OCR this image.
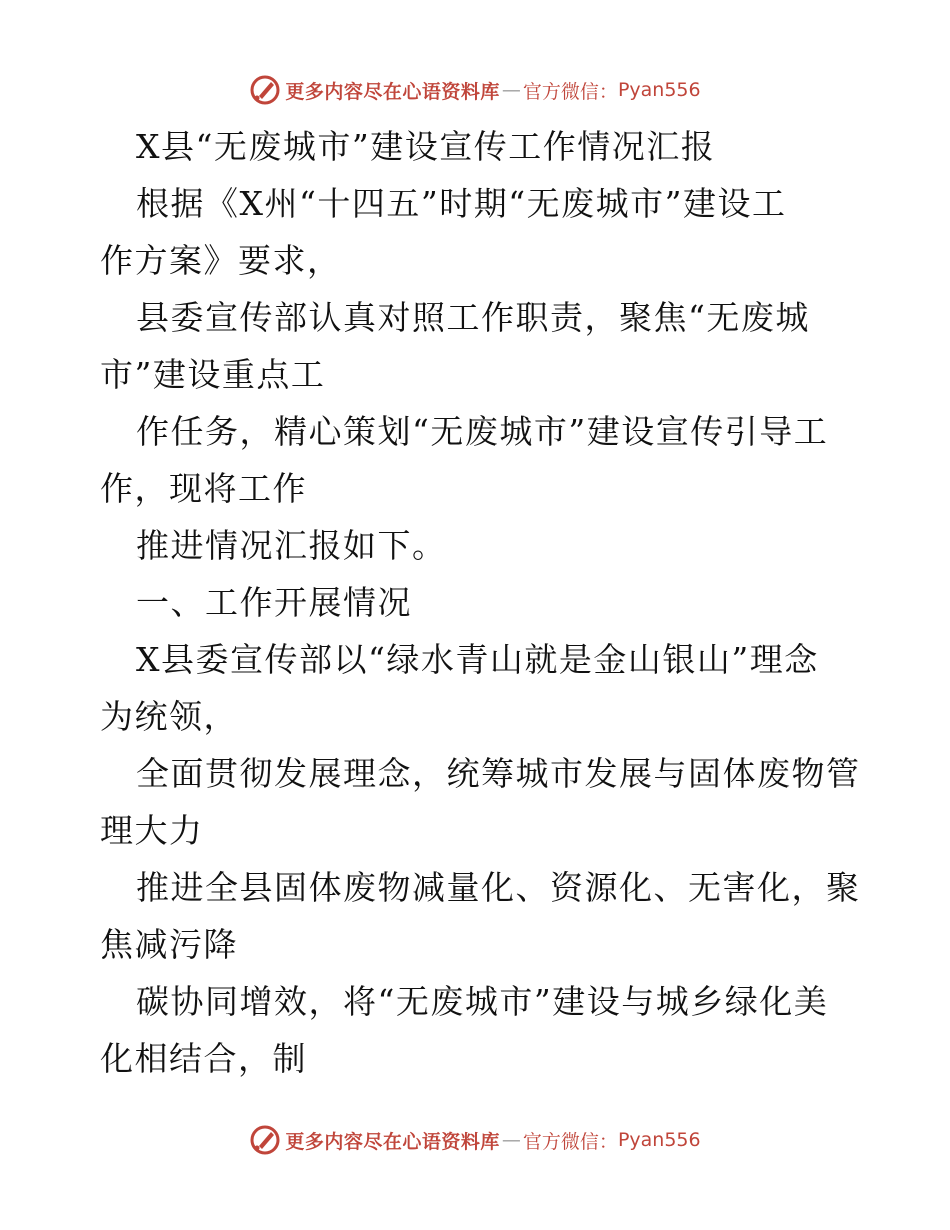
更多内容尽在心语资料库 — 官方微信： Pyan556
X县“无废城市”建设宣传工作情况汇报
根据《X州“十四五”时期“无废城市”建设工
作方案》要求，
县委宣传部认真对照工作职责，聚焦“无废城
市”建设重点工
作任务，精心策划“无废城市”建设宣传引导工
作，现将工作
推进情况汇报如下。
一、工作开展情况
X县委宣传部以“绿水青山就是金山银山”理念
为统领，
全面贯彻发展理念，统筹城市发展与固体废物管
理大力
推进全县固体废物减量化、资源化、无害化，聚
焦减污降
碳协同增效，将“无废城市”建设与城乡绿化美
化相结合，制
更多内容尽在心语资料库 — 官方微信： Pyan556
